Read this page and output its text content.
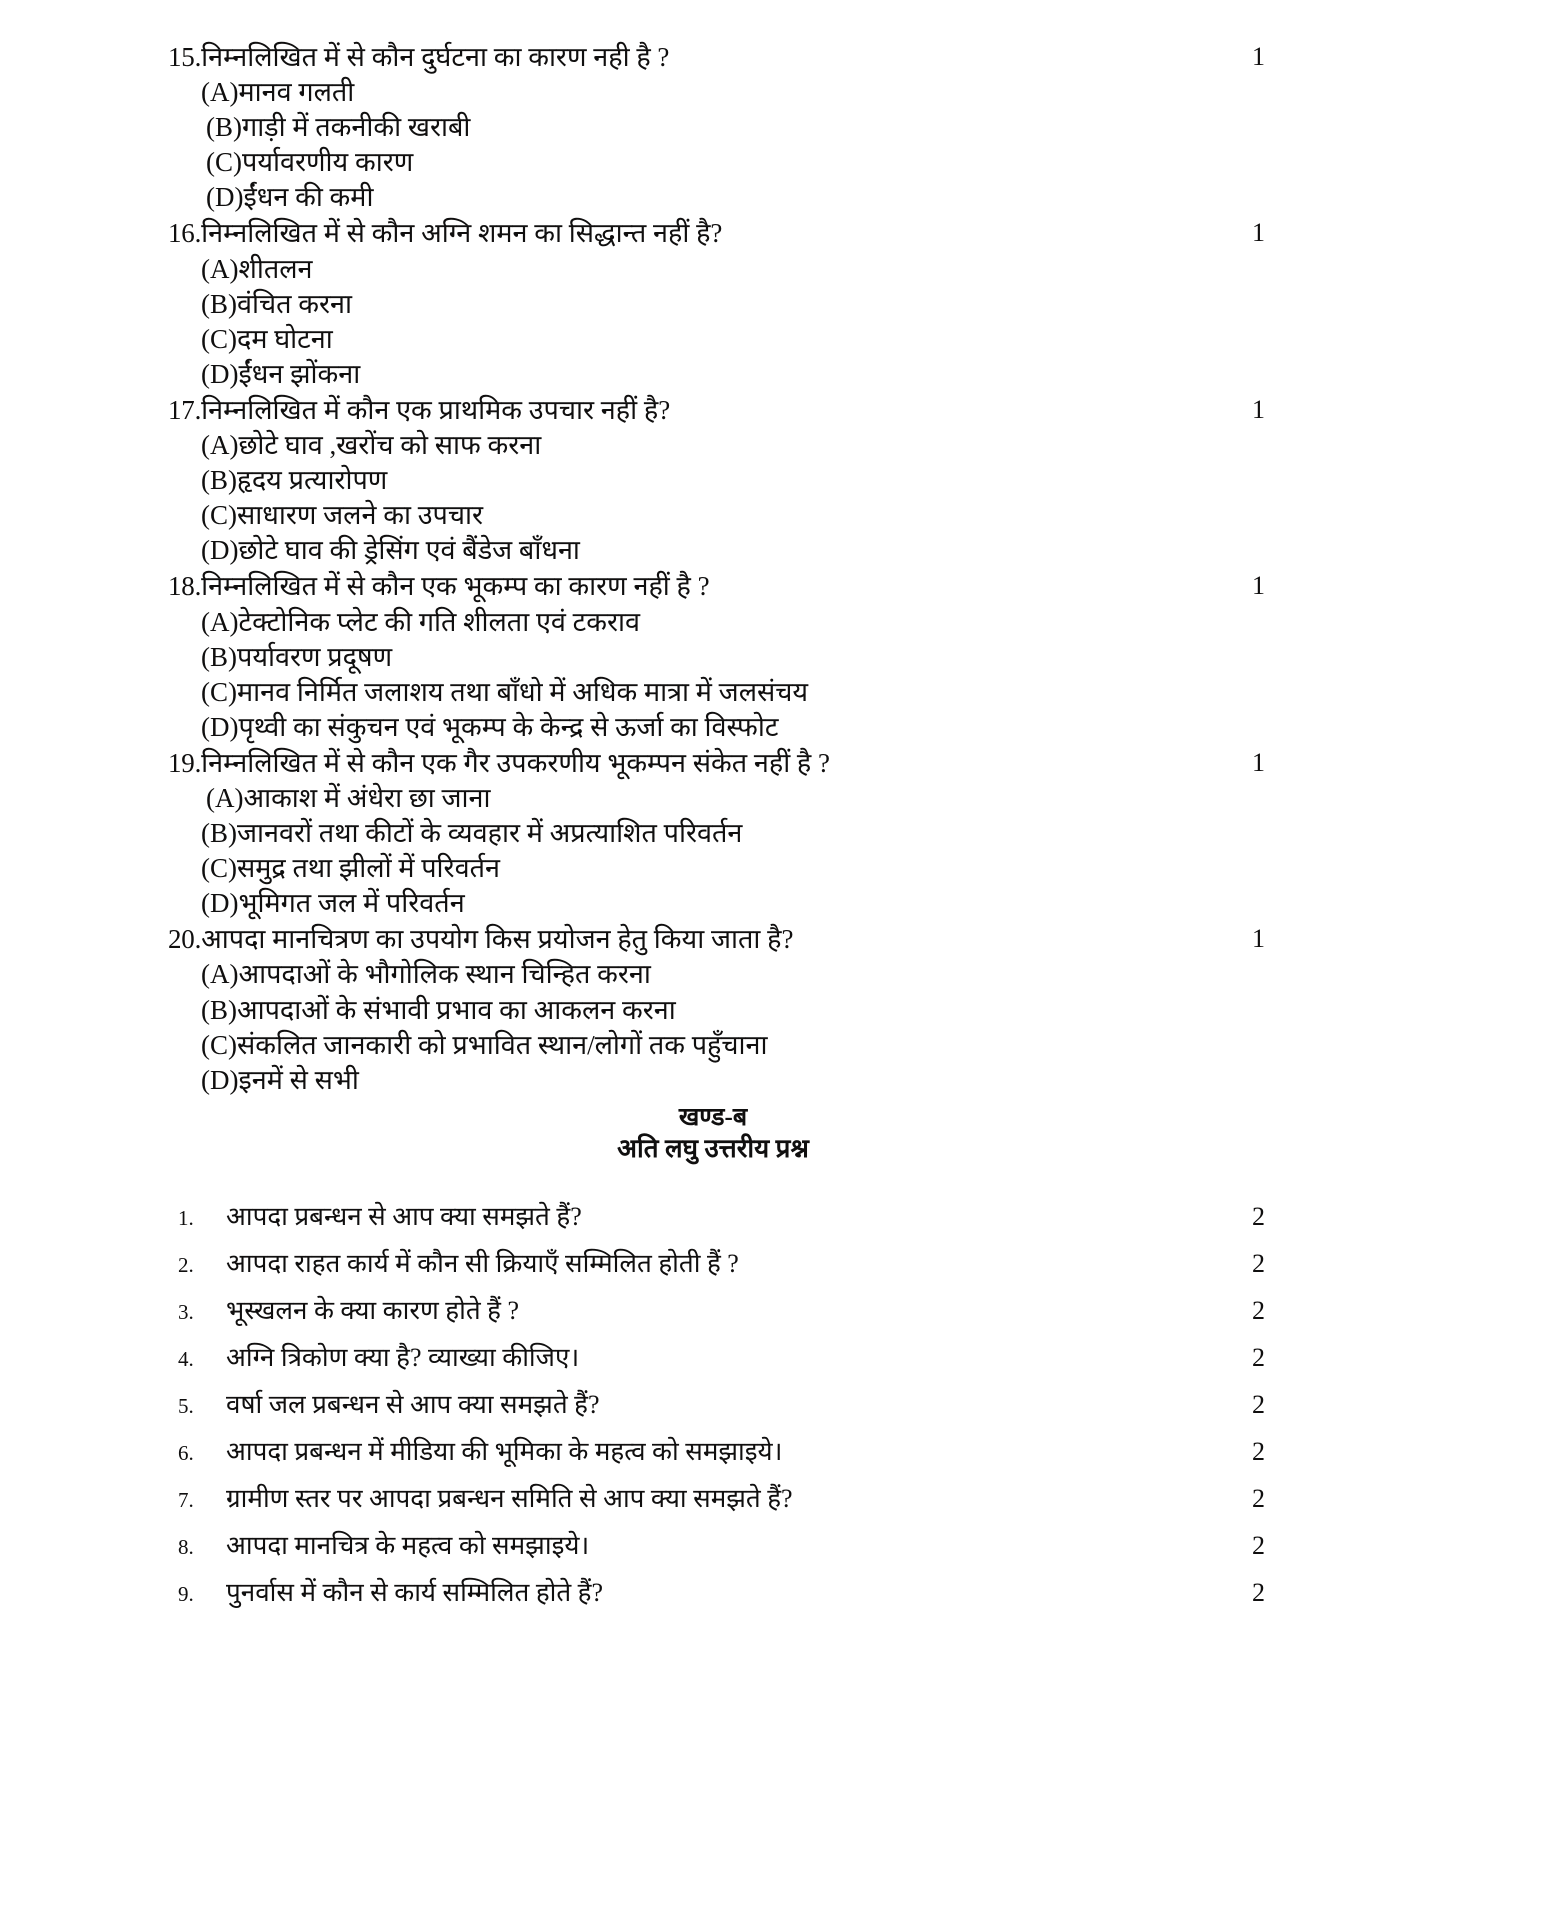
15. निम्नलिखित में से कौन दुर्घटना का कारण नही है ?	1
(A)मानव गलती
(B)गाड़ी में तकनीकी खराबी
(C)पर्यावरणीय कारण
(D)ईंधन की कमी
16. निम्नलिखित में से कौन अग्नि शमन का सिद्धान्त नहीं है?	1
(A)शीतलन
(B)वंचित करना
(C)दम घोटना
(D)ईंधन झोंकना
17. निम्नलिखित में कौन एक प्राथमिक उपचार नहीं है?	1
(A)छोटे घाव ,खरोंच को साफ करना
(B)हृदय प्रत्यारोपण
(C)साधारण जलने का उपचार
(D)छोटे घाव की ड्रेसिंग एवं बैंडेज बाँधना
18. निम्नलिखित में से कौन एक भूकम्प का कारण नहीं है ?	1
(A)टेक्टोनिक प्लेट की गति शीलता एवं टकराव
(B)पर्यावरण प्रदूषण
(C)मानव निर्मित जलाशय तथा बाँधो में अधिक मात्रा में जलसंचय
(D)पृथ्वी का संकुचन एवं भूकम्प के केन्द्र से ऊर्जा का विस्फोट
19. निम्नलिखित में से कौन एक गैर उपकरणीय भूकम्पन संकेत नहीं है ?	1
(A)आकाश में अंधेरा छा जाना
(B)जानवरों तथा कीटों के व्यवहार में अप्रत्याशित परिवर्तन
(C)समुद्र तथा झीलों में परिवर्तन
(D)भूमिगत जल में परिवर्तन
20. आपदा मानचित्रण का उपयोग किस प्रयोजन हेतु किया जाता है?	1
(A)आपदाओं के भौगोलिक स्थान चिन्हित करना
(B)आपदाओं के संभावी प्रभाव का आकलन करना
(C)संकलित जानकारी को प्रभावित स्थान/लोगों तक पहुँचाना
(D)इनमें से सभी
खण्ड-ब
अति लघु उत्तरीय प्रश्न
1.	आपदा प्रबन्धन से आप क्या समझते हैं?	2
2.	आपदा राहत कार्य में कौन सी क्रियाएँ सम्मिलित होती हैं ?	2
3.	भूस्खलन के क्या कारण होते हैं ?	2
4.	अग्नि त्रिकोण क्या है? व्याख्या कीजिए।	2
5.	वर्षा जल प्रबन्धन से आप क्या समझते हैं?	2
6.	आपदा प्रबन्धन में मीडिया की भूमिका के महत्व को समझाइये।	2
7.	ग्रामीण स्तर पर आपदा प्रबन्धन समिति से आप क्या समझते हैं?	2
8.	आपदा मानचित्र के महत्व को समझाइये।	2
9.	पुनर्वास में कौन से कार्य सम्मिलित होते हैं?	2
